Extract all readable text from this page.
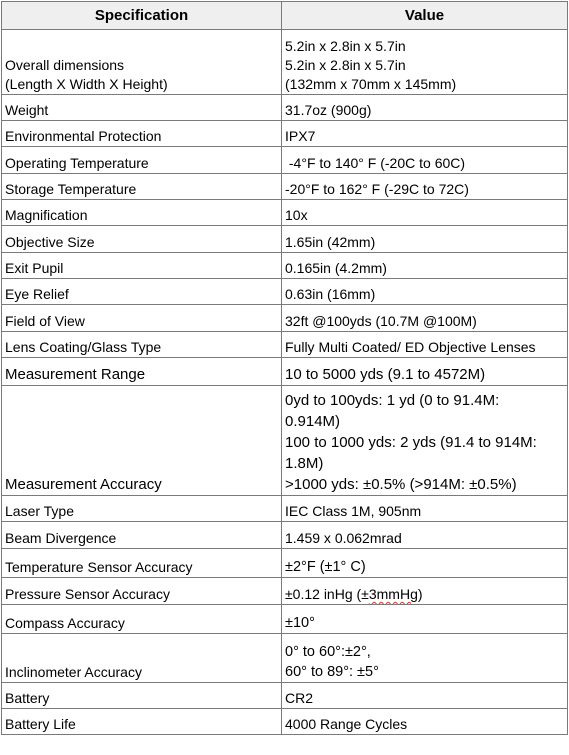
Specification	Value

Overall dimensions
(Length X Width X Height)	5.2in x 2.8in x 5.7in
5.2in x 2.8in x 5.7in
(132mm x 70mm x 145mm)

Weight	31.7oz (900g)
Environmental Protection	IPX7
Operating Temperature	-4°F to 140° F (-20C to 60C)

Storage Temperature	-20°F to 162° F (-29C to 72C)
Magnification	10x
Objective Size	1.65in (42mm)
Exit Pupil	0.165in (4.2mm)
Eye Relief	0.63in (16mm)
Field of View	32ft @100yds (10.7M @100M)
Lens Coating/Glass Type	Fully Multi Coated/ ED Objective Lenses
Measurement Range	10 to 5000 yds (9.1 to 4572M)
Measurement Accuracy	0yd to 100yds: 1 yd (0 to 91.4M:
0.914M)
100 to 1000 yds: 2 yds (91.4 to 914M:
1.8M)
>1000 yds: ±0.5% (>914M: ±0.5%)

Laser Type	IEC Class 1M, 905nm
Beam Divergence	1.459 x 0.062mrad
Temperature Sensor Accuracy	±2°F (±1° C)
Pressure Sensor Accuracy	±0.12 inHg (±3mmHg)
Compass Accuracy	±10°
Inclinometer Accuracy	0° to 60°:±2°,
60° to 89°: ±5°

Battery	CR2
Battery Life	4000 Range Cycles
